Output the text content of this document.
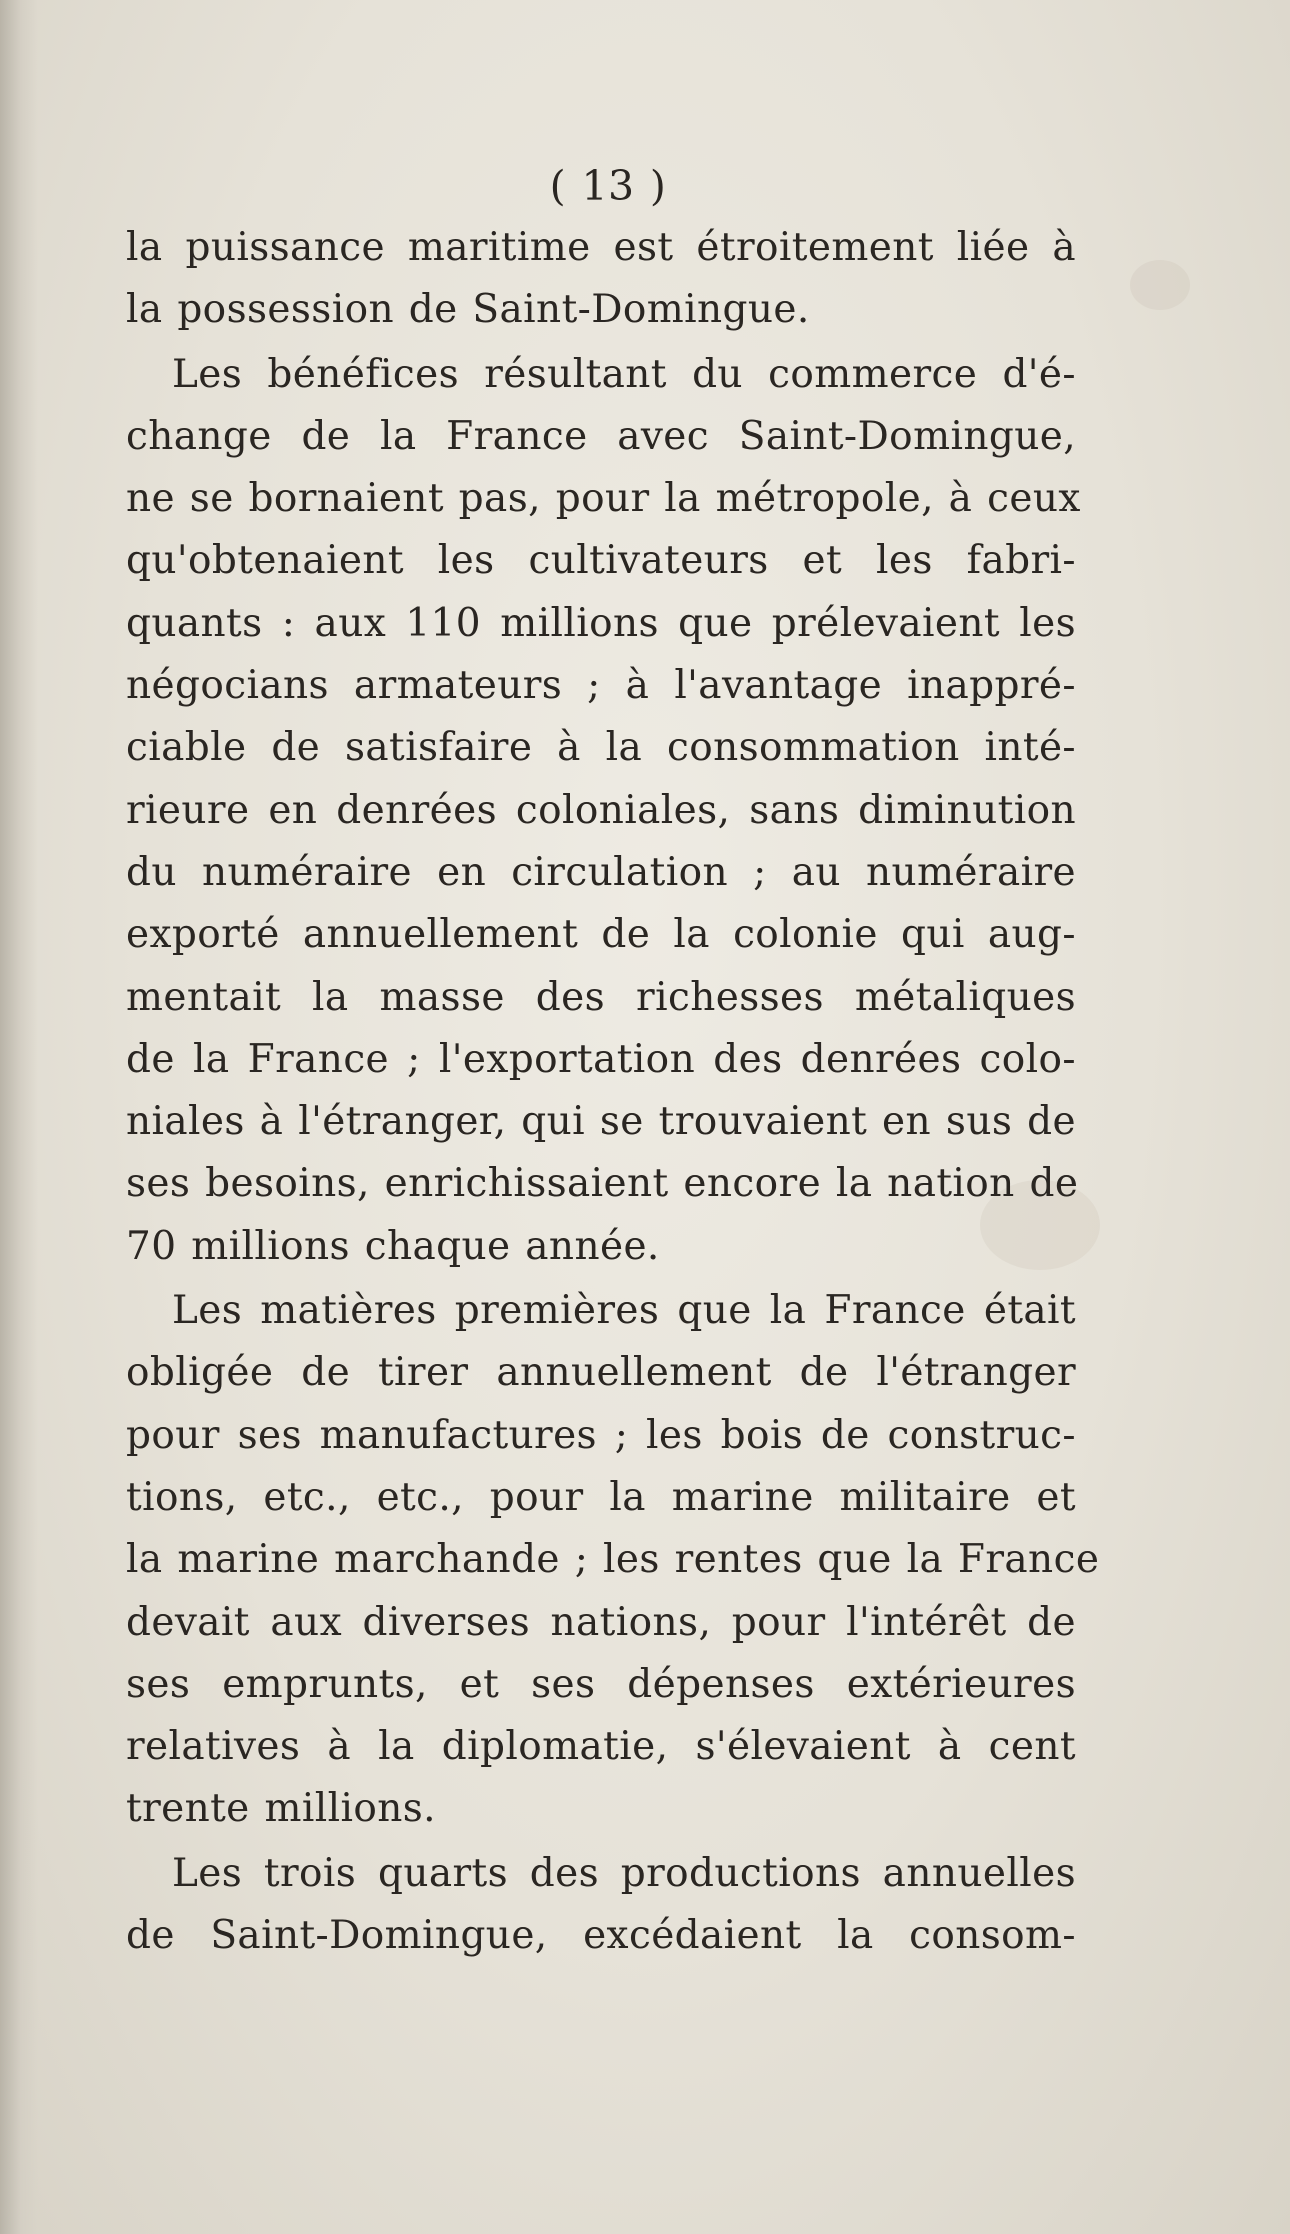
( 13 )
la puissance maritime est étroitement liée à
la possession de Saint-Domingue.
Les bénéfices résultant du commerce d'é-
change de la France avec Saint-Domingue,
ne se bornaient pas, pour la métropole, à ceux
qu'obtenaient les cultivateurs et les fabri-
quants : aux 110 millions que prélevaient les
négocians armateurs ; à l'avantage inappré-
ciable de satisfaire à la consommation inté-
rieure en denrées coloniales, sans diminution
du numéraire en circulation ; au numéraire
exporté annuellement de la colonie qui aug-
mentait la masse des richesses métaliques
de la France ; l'exportation des denrées colo-
niales à l'étranger, qui se trouvaient en sus de
ses besoins, enrichissaient encore la nation de
70 millions chaque année.
Les matières premières que la France était
obligée de tirer annuellement de l'étranger
pour ses manufactures ; les bois de construc-
tions, etc., etc., pour la marine militaire et
la marine marchande ; les rentes que la France
devait aux diverses nations, pour l'intérêt de
ses emprunts, et ses dépenses extérieures
relatives à la diplomatie, s'élevaient à cent
trente millions.
Les trois quarts des productions annuelles
de Saint-Domingue, excédaient la consom-
